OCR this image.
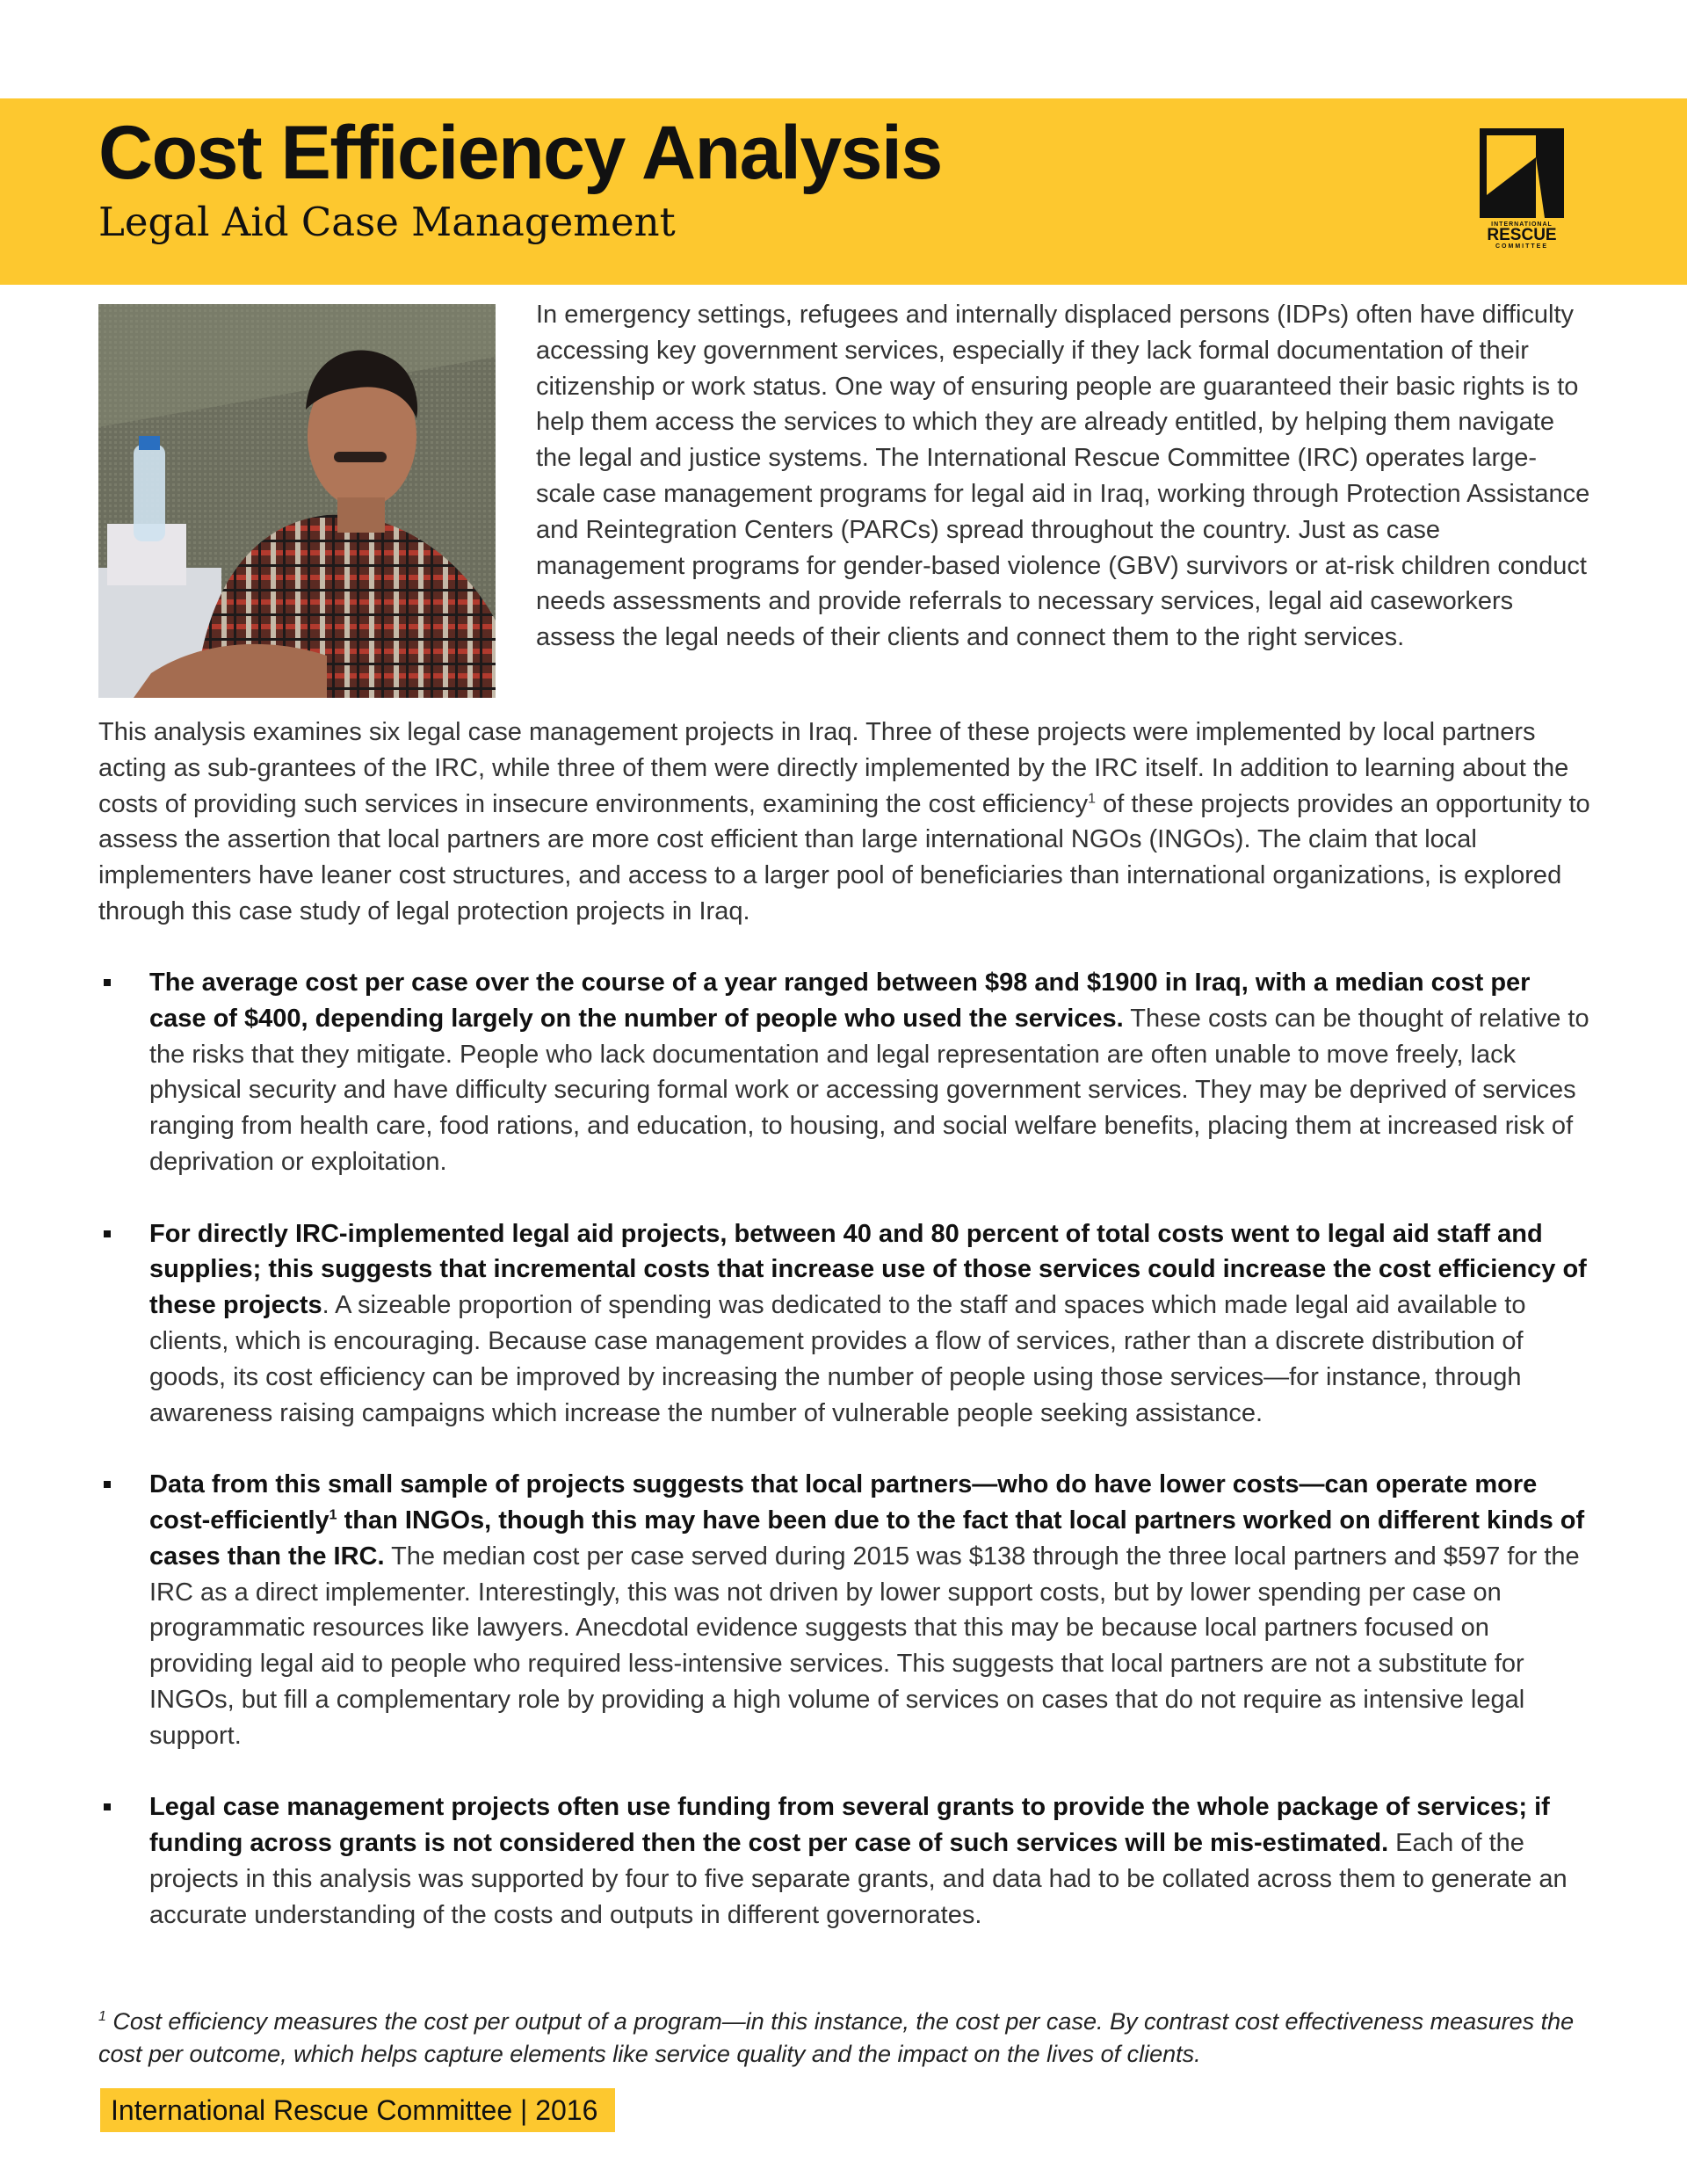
Cost Efficiency Analysis
Legal Aid Case Management	INTERNATIONAL
RESCUE
COMMITTEE

In emergency settings, refugees and internally displaced persons (IDPs) often have difficulty accessing key government services, especially if they lack formal documentation of their citizenship or work status. One way of ensuring people are guaranteed their basic rights is to help them access the services to which they are already entitled, by helping them navigate the legal and justice systems. The International Rescue Committee (IRC) operates large-scale case management programs for legal aid in Iraq, working through Protection Assistance and Reintegration Centers (PARCs) spread throughout the country. Just as case management programs for gender-based violence (GBV) survivors or at-risk children conduct needs assessments and provide referrals to necessary services, legal aid caseworkers assess the legal needs of their clients and connect them to the right services.

This analysis examines six legal case management projects in Iraq. Three of these projects were implemented by local partners acting as sub-grantees of the IRC, while three of them were directly implemented by the IRC itself. In addition to learning about the costs of providing such services in insecure environments, examining the cost efficiency$^1$ of these projects provides an opportunity to assess the assertion that local partners are more cost efficient than large international NGOs (INGOs). The claim that local implementers have leaner cost structures, and access to a larger pool of beneficiaries than international organizations, is explored through this case study of legal protection projects in Iraq.

The average cost per case over the course of a year ranged between $98 and $1900 in Iraq, with a median cost per case of $400, depending largely on the number of people who used the services. These costs can be thought of relative to the risks that they mitigate. People who lack documentation and legal representation are often unable to move freely, lack physical security and have difficulty securing formal work or accessing government services. They may be deprived of services ranging from health care, food rations, and education, to housing, and social welfare benefits, placing them at increased risk of deprivation or exploitation.
For directly IRC-implemented legal aid projects, between 40 and 80 percent of total costs went to legal aid staff and supplies; this suggests that incremental costs that increase use of those services could increase the cost efficiency of these projects. A sizeable proportion of spending was dedicated to the staff and spaces which made legal aid available to clients, which is encouraging. Because case management provides a flow of services, rather than a discrete distribution of goods, its cost efficiency can be improved by increasing the number of people using those services—for instance, through awareness raising campaigns which increase the number of vulnerable people seeking assistance.
Data from this small sample of projects suggests that local partners—who do have lower costs—can operate more cost-efficiently$^1$ than INGOs, though this may have been due to the fact that local partners worked on different kinds of cases than the IRC. The median cost per case served during 2015 was $138 through the three local partners and $597 for the IRC as a direct implementer. Interestingly, this was not driven by lower support costs, but by lower spending per case on programmatic resources like lawyers. Anecdotal evidence suggests that this may be because local partners focused on providing legal aid to people who required less-intensive services. This suggests that local partners are not a substitute for INGOs, but fill a complementary role by providing a high volume of services on cases that do not require as intensive legal support.
Legal case management projects often use funding from several grants to provide the whole package of services; if funding across grants is not considered then the cost per case of such services will be mis-estimated. Each of the projects in this analysis was supported by four to five separate grants, and data had to be collated across them to generate an accurate understanding of the costs and outputs in different governorates.

$^1$ Cost efficiency measures the cost per output of a program—in this instance, the cost per case. By contrast cost effectiveness measures the cost per outcome, which helps capture elements like service quality and the impact on the lives of clients.

International Rescue Committee | 2016
